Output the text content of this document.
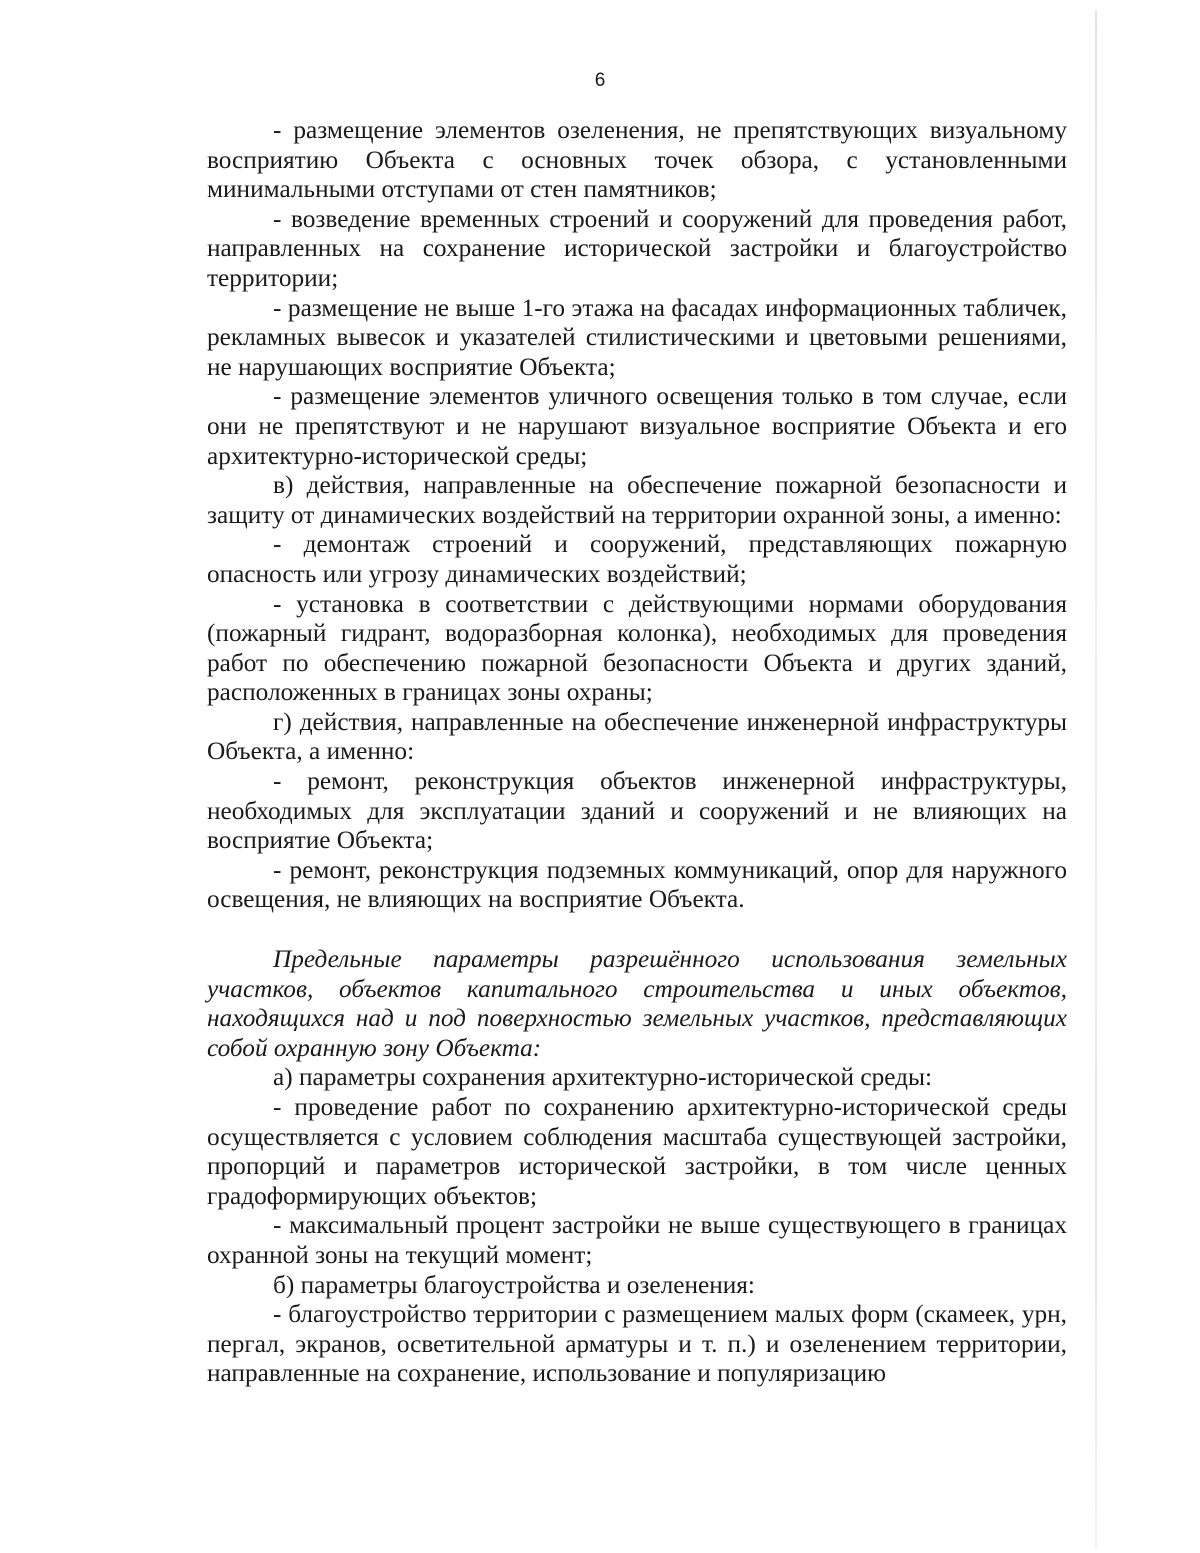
6

- размещение элементов озеленения, не препятствующих визуальному восприятию Объекта с основных точек обзора, с установленными минимальными отступами от стен памятников;

- возведение временных строений и сооружений для проведения работ, направленных на сохранение исторической застройки и благоустройство территории;

- размещение не выше 1-го этажа на фасадах информационных табличек, рекламных вывесок и указателей стилистическими и цветовыми решениями, не нарушающих восприятие Объекта;

- размещение элементов уличного освещения только в том случае, если они не препятствуют и не нарушают визуальное восприятие Объекта и его архитектурно-исторической среды;

в) действия, направленные на обеспечение пожарной безопасности и защиту от динамических воздействий на территории охранной зоны, а именно:

- демонтаж строений и сооружений, представляющих пожарную опасность или угрозу динамических воздействий;

- установка в соответствии с действующими нормами оборудования (пожарный гидрант, водоразборная колонка), необходимых для проведения работ по обеспечению пожарной безопасности Объекта и других зданий, расположенных в границах зоны охраны;

г) действия, направленные на обеспечение инженерной инфраструктуры Объекта, а именно:

- ремонт, реконструкция объектов инженерной инфраструктуры, необходимых для эксплуатации зданий и сооружений и не влияющих на восприятие Объекта;

- ремонт, реконструкция подземных коммуникаций, опор для наружного освещения, не влияющих на восприятие Объекта.

Предельные параметры разрешённого использования земельных участков, объектов капитального строительства и иных объектов, находящихся над и под поверхностью земельных участков, представляющих собой охранную зону Объекта:

а) параметры сохранения архитектурно-исторической среды:

- проведение работ по сохранению архитектурно-исторической среды осуществляется с условием соблюдения масштаба существующей застройки, пропорций и параметров исторической застройки, в том числе ценных градоформирующих объектов;

- максимальный процент застройки не выше существующего в границах охранной зоны на текущий момент;

б) параметры благоустройства и озеленения:

- благоустройство территории с размещением малых форм (скамеек, урн, пергал, экранов, осветительной арматуры и т. п.) и озеленением территории, направленные на сохранение, использование и популяризацию
